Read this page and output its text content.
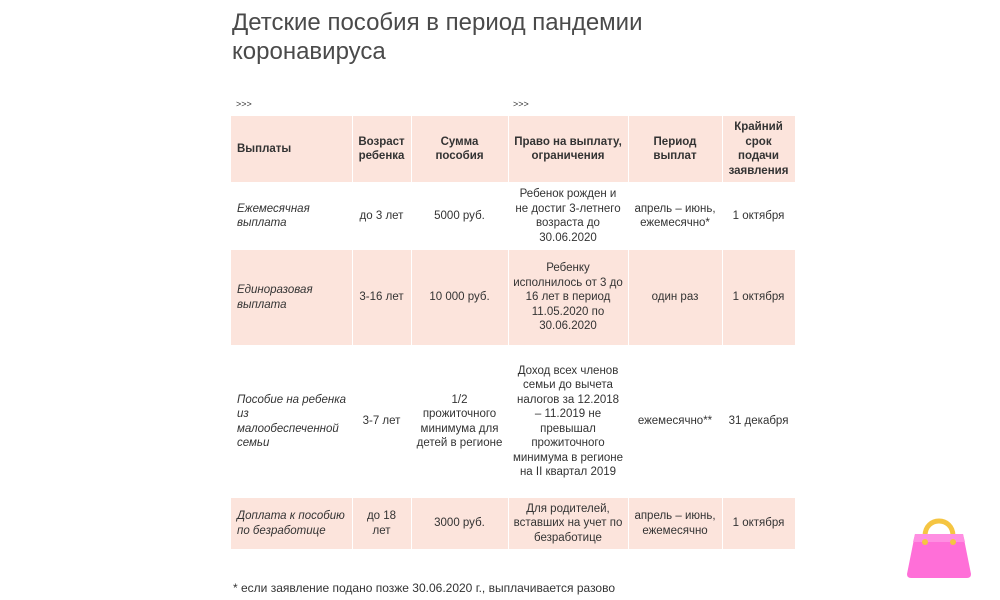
Детские пособия в период пандемии коронавируса
>>>	>>>
Выплаты	Возраст ребенка	Сумма пособия	Право на выплату, ограничения	Период выплат	Крайний срок подачи заявления
Ежемесячная выплата	до 3 лет	5000 руб.	Ребенок рожден и не достиг 3-летнего возраста до 30.06.2020	апрель – июнь, ежемесячно*	1 октября
Единоразовая выплата	3-16 лет	10 000 руб.	Ребенку исполнилось от 3 до 16 лет в период 11.05.2020 по 30.06.2020	один раз	1 октября
Пособие на ребенка из малообеспеченной семьи	3-7 лет	1/2 прожиточного минимума для детей в регионе	Доход всех членов семьи до вычета налогов за 12.2018 – 11.2019 не превышал прожиточного минимума в регионе на II квартал 2019	ежемесячно**	31 декабря
Доплата к пособию по безработице	до 18 лет	3000 руб.	Для родителей, вставших на учет по безработице	апрель – июнь, ежемесячно	1 октября

* если заявление подано позже 30.06.2020 г., выплачивается разово
